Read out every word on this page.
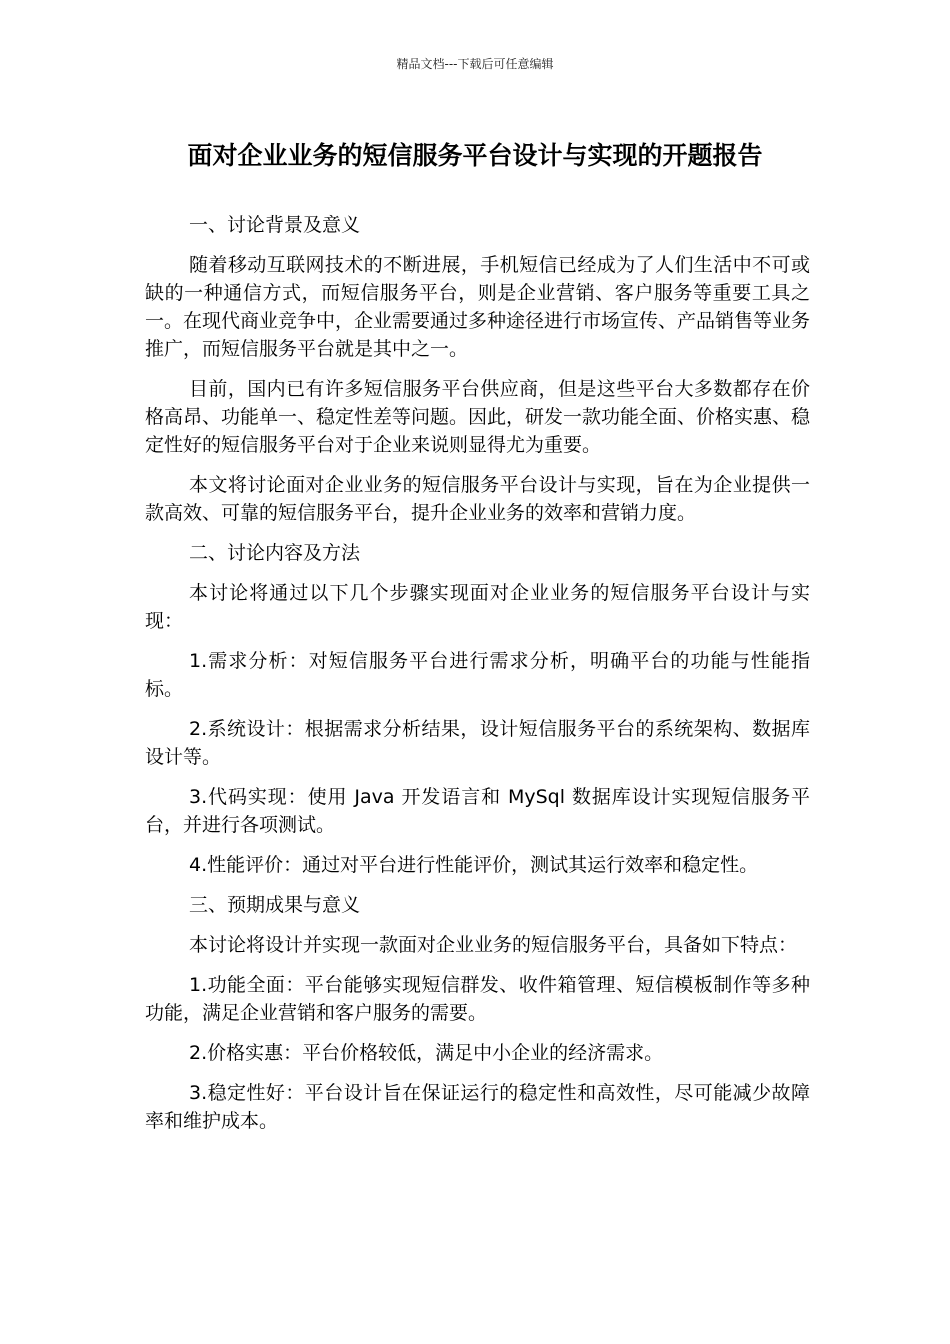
精品文档---下载后可任意编辑
面对企业业务的短信服务平台设计与实现的开题报告

一、讨论背景及意义

随着移动互联网技术的不断进展，手机短信已经成为了人们生活中不可或缺的一种通信方式，而短信服务平台，则是企业营销、客户服务等重要工具之一。在现代商业竞争中，企业需要通过多种途径进行市场宣传、产品销售等业务推广，而短信服务平台就是其中之一。

目前，国内已有许多短信服务平台供应商，但是这些平台大多数都存在价格高昂、功能单一、稳定性差等问题。因此，研发一款功能全面、价格实惠、稳定性好的短信服务平台对于企业来说则显得尤为重要。

本文将讨论面对企业业务的短信服务平台设计与实现，旨在为企业提供一款高效、可靠的短信服务平台，提升企业业务的效率和营销力度。

二、讨论内容及方法

本讨论将通过以下几个步骤实现面对企业业务的短信服务平台设计与实现：

1.需求分析：对短信服务平台进行需求分析，明确平台的功能与性能指标。

2.系统设计：根据需求分析结果，设计短信服务平台的系统架构、数据库设计等。

3.代码实现：使用 Java 开发语言和 MySql 数据库设计实现短信服务平台，并进行各项测试。

4.性能评价：通过对平台进行性能评价，测试其运行效率和稳定性。

三、预期成果与意义

本讨论将设计并实现一款面对企业业务的短信服务平台，具备如下特点：

1.功能全面：平台能够实现短信群发、收件箱管理、短信模板制作等多种功能，满足企业营销和客户服务的需要。

2.价格实惠：平台价格较低，满足中小企业的经济需求。

3.稳定性好：平台设计旨在保证运行的稳定性和高效性，尽可能减少故障率和维护成本。
